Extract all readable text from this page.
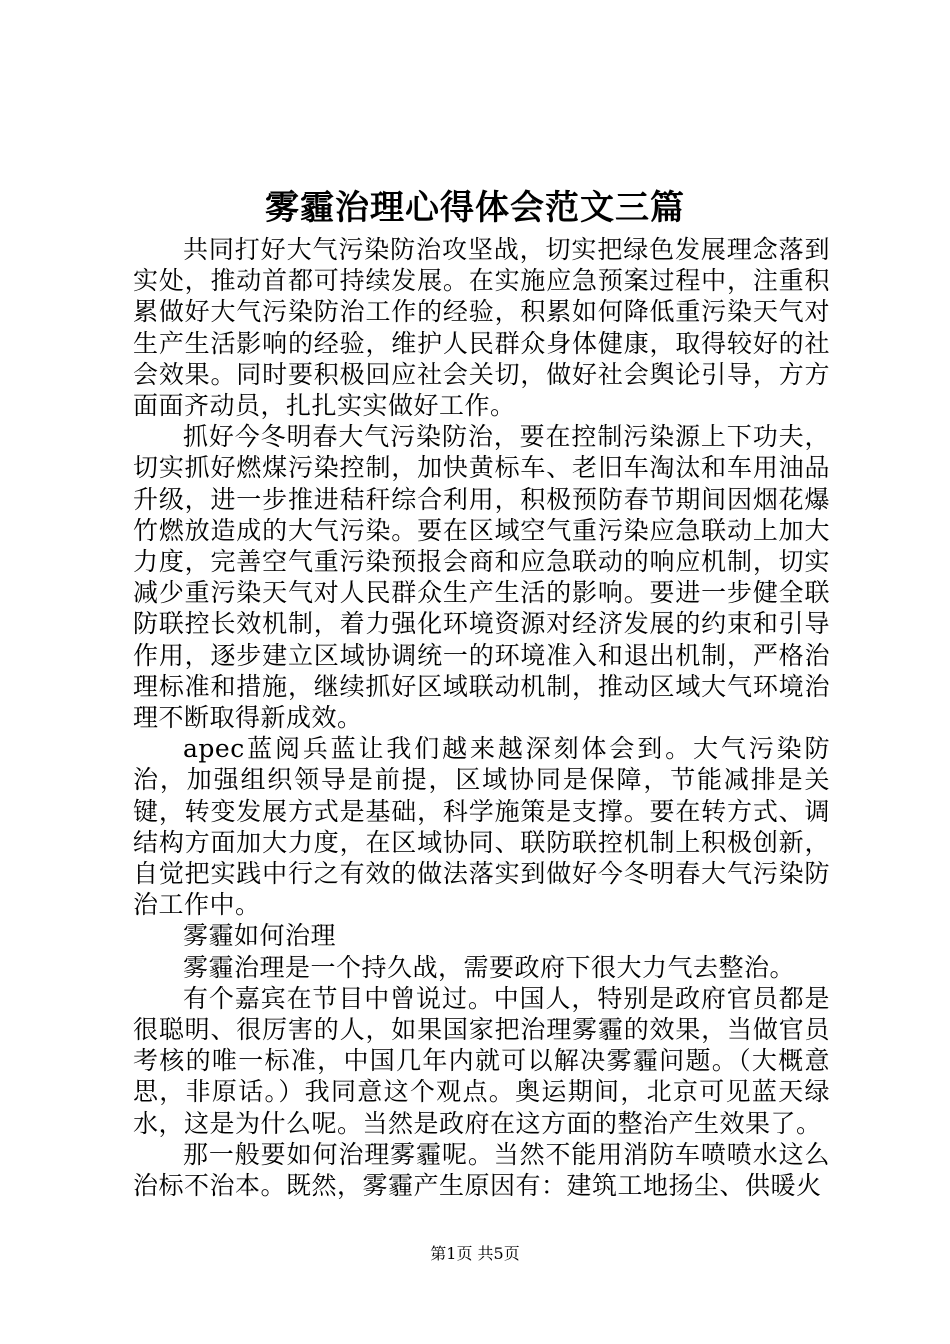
雾霾治理心得体会范文三篇

共同打好大气污染防治攻坚战，切实把绿色发展理念落到实处，推动首都可持续发展。在实施应急预案过程中，注重积累做好大气污染防治工作的经验，积累如何降低重污染天气对生产生活影响的经验，维护人民群众身体健康，取得较好的社会效果。同时要积极回应社会关切，做好社会舆论引导，方方面面齐动员，扎扎实实做好工作。

抓好今冬明春大气污染防治，要在控制污染源上下功夫，切实抓好燃煤污染控制，加快黄标车、老旧车淘汰和车用油品升级，进一步推进秸秆综合利用，积极预防春节期间因烟花爆竹燃放造成的大气污染。要在区域空气重污染应急联动上加大力度，完善空气重污染预报会商和应急联动的响应机制，切实减少重污染天气对人民群众生产生活的影响。要进一步健全联防联控长效机制，着力强化环境资源对经济发展的约束和引导作用，逐步建立区域协调统一的环境准入和退出机制，严格治理标准和措施，继续抓好区域联动机制，推动区域大气环境治理不断取得新成效。

apec蓝阅兵蓝让我们越来越深刻体会到。大气污染防治，加强组织领导是前提，区域协同是保障，节能减排是关键，转变发展方式是基础，科学施策是支撑。要在转方式、调结构方面加大力度，在区域协同、联防联控机制上积极创新，自觉把实践中行之有效的做法落实到做好今冬明春大气污染防治工作中。

雾霾如何治理

雾霾治理是一个持久战，需要政府下很大力气去整治。

有个嘉宾在节目中曾说过。中国人，特别是政府官员都是很聪明、很厉害的人，如果国家把治理雾霾的效果，当做官员考核的唯一标准，中国几年内就可以解决雾霾问题。（大概意思，非原话。）我同意这个观点。奥运期间，北京可见蓝天绿水，这是为什么呢。当然是政府在这方面的整治产生效果了。

那一般要如何治理雾霾呢。当然不能用消防车喷喷水这么治标不治本。既然，雾霾产生原因有：建筑工地扬尘、供暖火

第1页 共5页
